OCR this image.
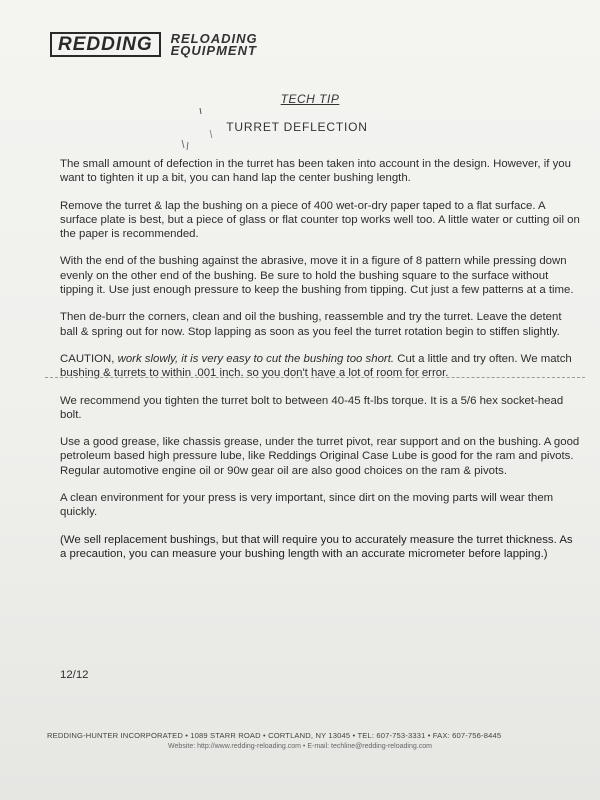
REDDING	RELOADING
EQUIPMENT
TECH TIP
TURRET DEFLECTION

The small amount of defection in the turret has been taken into account in the design. However, if you want to tighten it up a bit, you can hand lap the center bushing length.

Remove the turret & lap the bushing on a piece of 400 wet-or-dry paper taped to a flat surface. A surface plate is best, but a piece of glass or flat counter top works well too. A little water or cutting oil on the paper is recommended.

With the end of the bushing against the abrasive, move it in a figure of 8 pattern while pressing down evenly on the other end of the bushing. Be sure to hold the bushing square to the surface without tipping it. Use just enough pressure to keep the bushing from tipping. Cut just a few patterns at a time.

Then de-burr the corners, clean and oil the bushing, reassemble and try the turret. Leave the detent ball & spring out for now. Stop lapping as soon as you feel the turret rotation begin to stiffen slightly.

CAUTION, work slowly, it is very easy to cut the bushing too short. Cut a little and try often. We match bushing & turrets to within .001 inch. so you don't have a lot of room for error.

We recommend you tighten the turret bolt to between 40-45 ft-lbs torque. It is a 5/6 hex socket-head bolt.

Use a good grease, like chassis grease, under the turret pivot, rear support and on the bushing. A good petroleum based high pressure lube, like Reddings Original Case Lube is good for the ram and pivots. Regular automotive engine oil or 90w gear oil are also good choices on the ram & pivots.

A clean environment for your press is very important, since dirt on the moving parts will wear them quickly.

(We sell replacement bushings, but that will require you to accurately measure the turret thickness. As a precaution, you can measure your bushing length with an accurate micrometer before lapping.)

12/12
REDDING-HUNTER INCORPORATED • 1089 STARR ROAD • CORTLAND, NY 13045 • TEL: 607-753-3331 • FAX: 607-756-8445
Website: http://www.redding-reloading.com • E-mail: techline@redding-reloading.com
